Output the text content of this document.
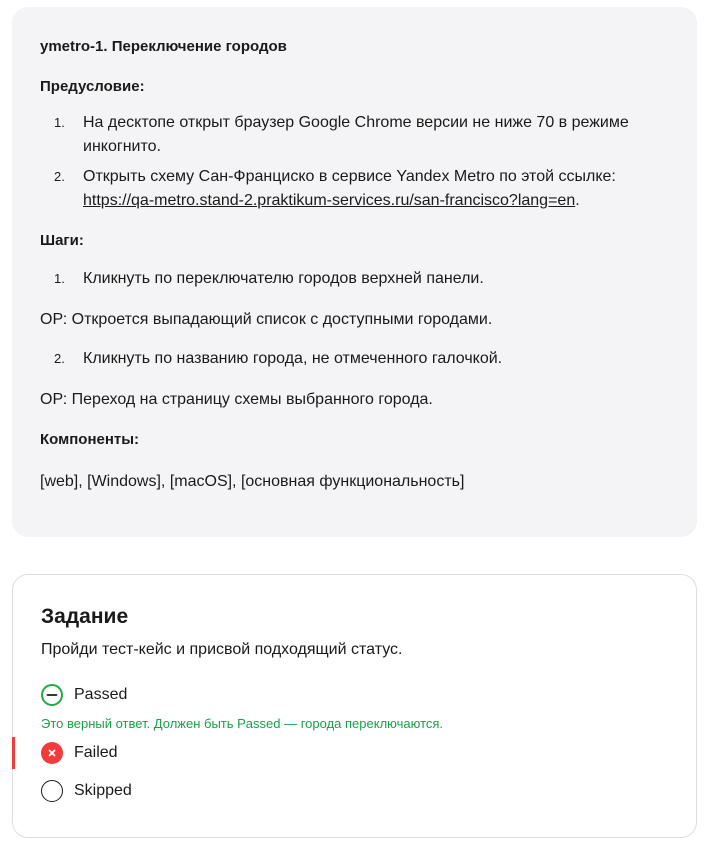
ymetro-1. Переключение городов
Предусловие:
1. На десктопе открыт браузер Google Chrome версии не ниже 70 в режиме инкогнито.
2. Открыть схему Сан-Франциско в сервисе Yandex Metro по этой ссылке:
https://qa-metro.stand-2.praktikum-services.ru/san-francisco?lang=en.
Шаги:
1. Кликнуть по переключателю городов верхней панели.
ОР: Откроется выпадающий список с доступными городами.
2. Кликнуть по названию города, не отмеченного галочкой.
ОР: Переход на страницу схемы выбранного города.
Компоненты:
[web], [Windows], [macOS], [основная функциональность]
Задание
Пройди тест-кейс и присвой подходящий статус.
Passed
Это верный ответ. Должен быть Passed — города переключаются.
Failed
Skipped
